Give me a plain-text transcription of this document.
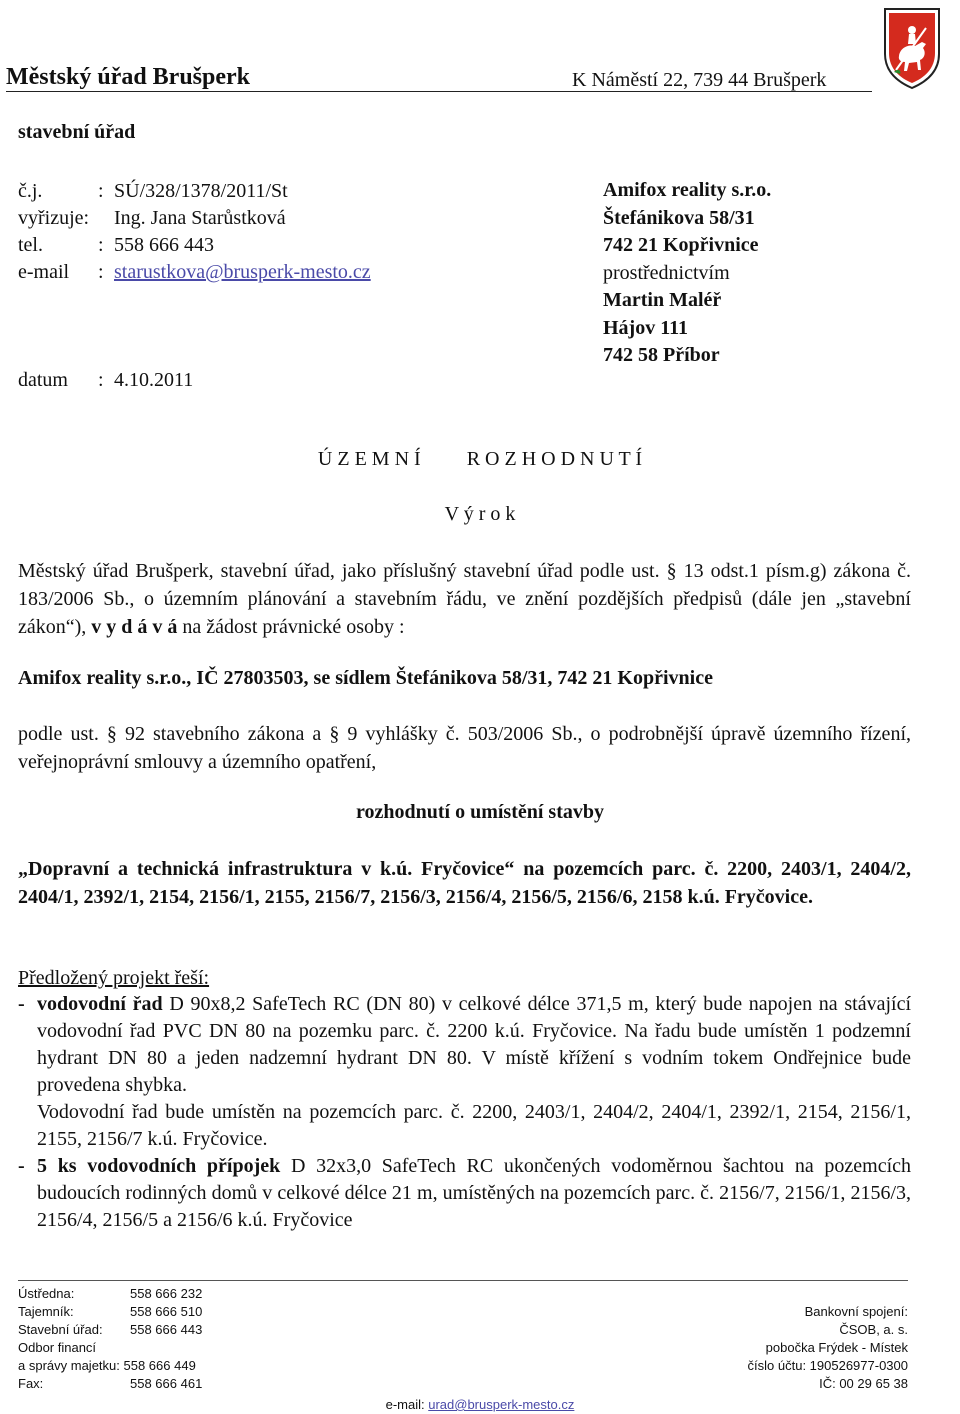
Městský úřad Brušperk	K Náměstí 22, 739 44 Brušperk
stavební úřad
č.j.	: SÚ/328/1378/2011/St
vyřizuje: Ing. Jana Starůstková
tel.	: 558 666 443
e-mail : starustkova@brusperk-mesto.cz
datum : 4.10.2011
Amifox reality s.r.o.
Štefánikova 58/31
742 21 Kopřivnice
prostřednictvím
Martin Maléř
Hájov 111
742 58 Příbor
Ú Z E M N Í R O Z H O D N U T Í
V ý r o k

Městský úřad Brušperk, stavební úřad, jako příslušný stavební úřad podle ust. § 13 odst.1 písm.g) zákona č. 183/2006 Sb., o územním plánování a stavebním řádu, ve znění pozdějších předpisů (dále jen „stavební zákon“), v y d á v á na žádost právnické osoby :

Amifox reality s.r.o., IČ 27803503, se sídlem Štefánikova 58/31, 742 21 Kopřivnice
podle ust. § 92 stavebního zákona a § 9 vyhlášky č. 503/2006 Sb., o podrobnější úpravě územního řízení, veřejnoprávní smlouvy a územního opatření,
rozhodnutí o umístění stavby
„Dopravní a technická infrastruktura v k.ú. Fryčovice“ na pozemcích parc. č. 2200, 2403/1, 2404/2, 2404/1, 2392/1, 2154, 2156/1, 2155, 2156/7, 2156/3, 2156/4, 2156/5, 2156/6, 2158 k.ú. Fryčovice.
Předložený projekt řeší:
- vodovodní řad D 90x8,2 SafeTech RC (DN 80) v celkové délce 371,5 m, který bude napojen na stávající vodovodní řad PVC DN 80 na pozemku parc. č. 2200 k.ú. Fryčovice. Na řadu bude umístěn 1 podzemní hydrant DN 80 a jeden nadzemní hydrant DN 80. V místě křížení s vodním tokem Ondřejnice bude provedena shybka.
Vodovodní řad bude umístěn na pozemcích parc. č. 2200, 2403/1, 2404/2, 2404/1, 2392/1, 2154, 2156/1, 2155, 2156/7 k.ú. Fryčovice.
- 5 ks vodovodních přípojek D 32x3,0 SafeTech RC ukončených vodoměrnou šachtou na pozemcích budoucích rodinných domů v celkové délce 21 m, umístěných na pozemcích parc. č. 2156/7, 2156/1, 2156/3, 2156/4, 2156/5 a 2156/6 k.ú. Fryčovice
Ústředna:	558 666 232
Tajemník:	558 666 510
Stavební úřad: 558 666 443
Odbor financí
a správy majetku: 558 666 449
Fax:	558 666 461
Bankovní spojení:
ČSOB, a. s.
pobočka Frýdek - Místek
číslo účtu: 190526977-0300
IČ: 00 29 65 38
e-mail: urad@brusperk-mesto.cz
